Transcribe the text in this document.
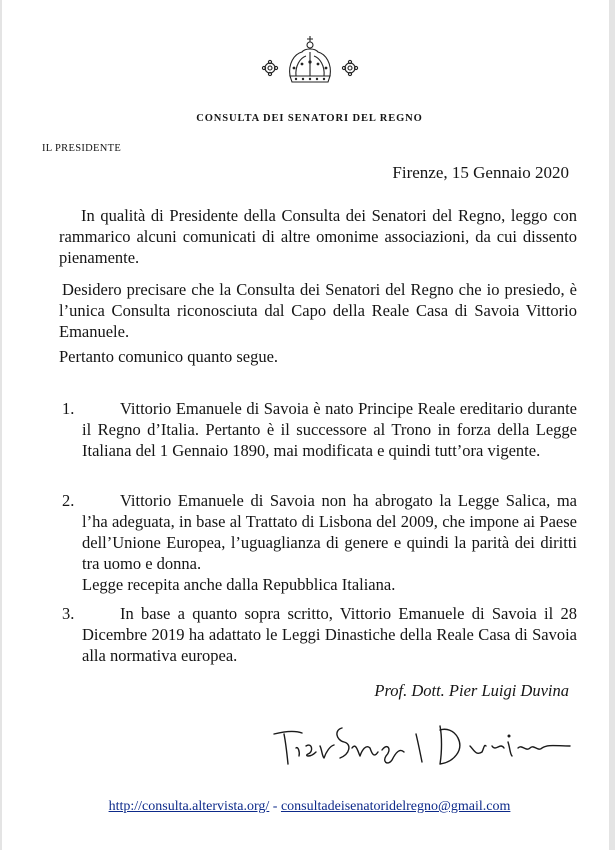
CONSULTA DEI SENATORI DEL REGNO
IL PRESIDENTE
Firenze, 15 Gennaio 2020

In qualità di Presidente della Consulta dei Senatori del Regno, leggo con rammarico alcuni comunicati di altre omonime associazioni, da cui dissento pienamente.

Desidero precisare che la Consulta dei Senatori del Regno che io presiedo, è l’unica Consulta riconosciuta dal Capo della Reale Casa di Savoia Vittorio Emanuele.

Pertanto comunico quanto segue.

1.	Vittorio Emanuele di Savoia è nato Principe Reale ereditario durante il Regno d’Italia. Pertanto è il successore al Trono in forza della Legge Italiana del 1 Gennaio 1890, mai modificata e quindi tutt’ora vigente.
2.	Vittorio Emanuele di Savoia non ha abrogato la Legge Salica, ma l’ha adeguata, in base al Trattato di Lisbona del 2009, che impone ai Paese dell’Unione Europea, l’uguaglianza di genere e quindi la parità dei diritti tra uomo e donna.
Legge recepita anche dalla Repubblica Italiana.
3.	In base a quanto sopra scritto, Vittorio Emanuele di Savoia il 28 Dicembre 2019 ha adattato le Leggi Dinastiche della Reale Casa di Savoia alla normativa europea.
Prof. Dott. Pier Luigi Duvina
http://consulta.altervista.org/ - consultadeisenatoridelregno@gmail.com
